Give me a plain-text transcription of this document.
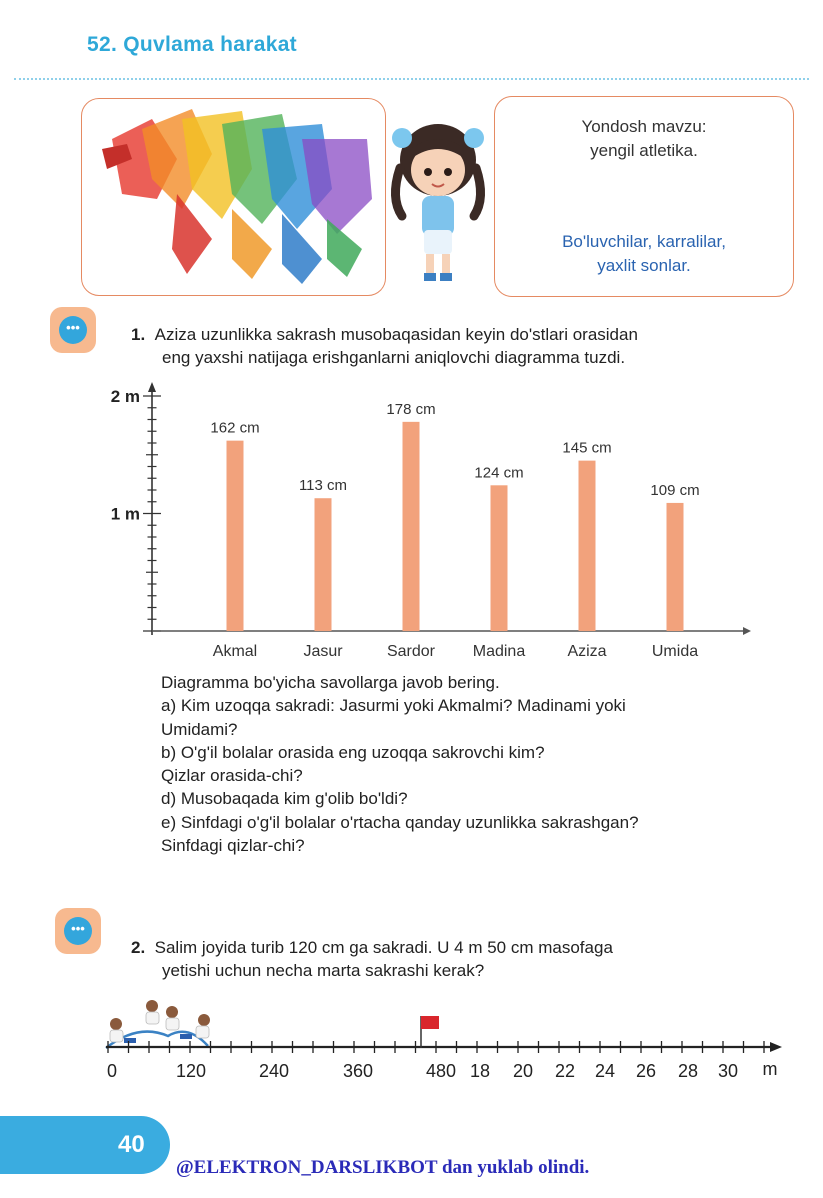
52. Quvlama harakat
Yondosh mavzu:
yengil atletika.
Bo'luvchilar, karralilar,
yaxlit sonlar.
•••	1. Aziza uzunlikka sakrash musobaqasidan keyin do'stlari orasidan
eng yaxshi natijaga erishganlarni aniqlovchi diagramma tuzdi.
2 m
1 m
Akmal	Jasur	Sardor Madina	Aziza	Umida
162 cm
113 cm
178 cm
124 cm
145 cm
109 cm
Diagramma bo'yicha savollarga javob bering.
a) Kim uzoqqa sakradi: Jasurmi yoki Akmalmi? Madinami yoki
Umidami?
b) O'g'il bolalar orasida eng uzoqqa sakrovchi kim?
Qizlar orasida-chi?
d) Musobaqada kim g'olib bo'ldi?
e) Sinfdagi o'g'il bolalar o'rtacha qanday uzunlikka sakrashgan?
Sinfdagi qizlar-chi?
•••
2. Salim joyida turib 120 cm ga sakradi. U 4 m 50 cm masofaga
yetishi uchun necha marta sakrashi kerak?
0	120	240	360	480 18 20 22 24 26 28 30 m
40
@ELEKTRON_DARSLIKBOT dan yuklab olindi.
